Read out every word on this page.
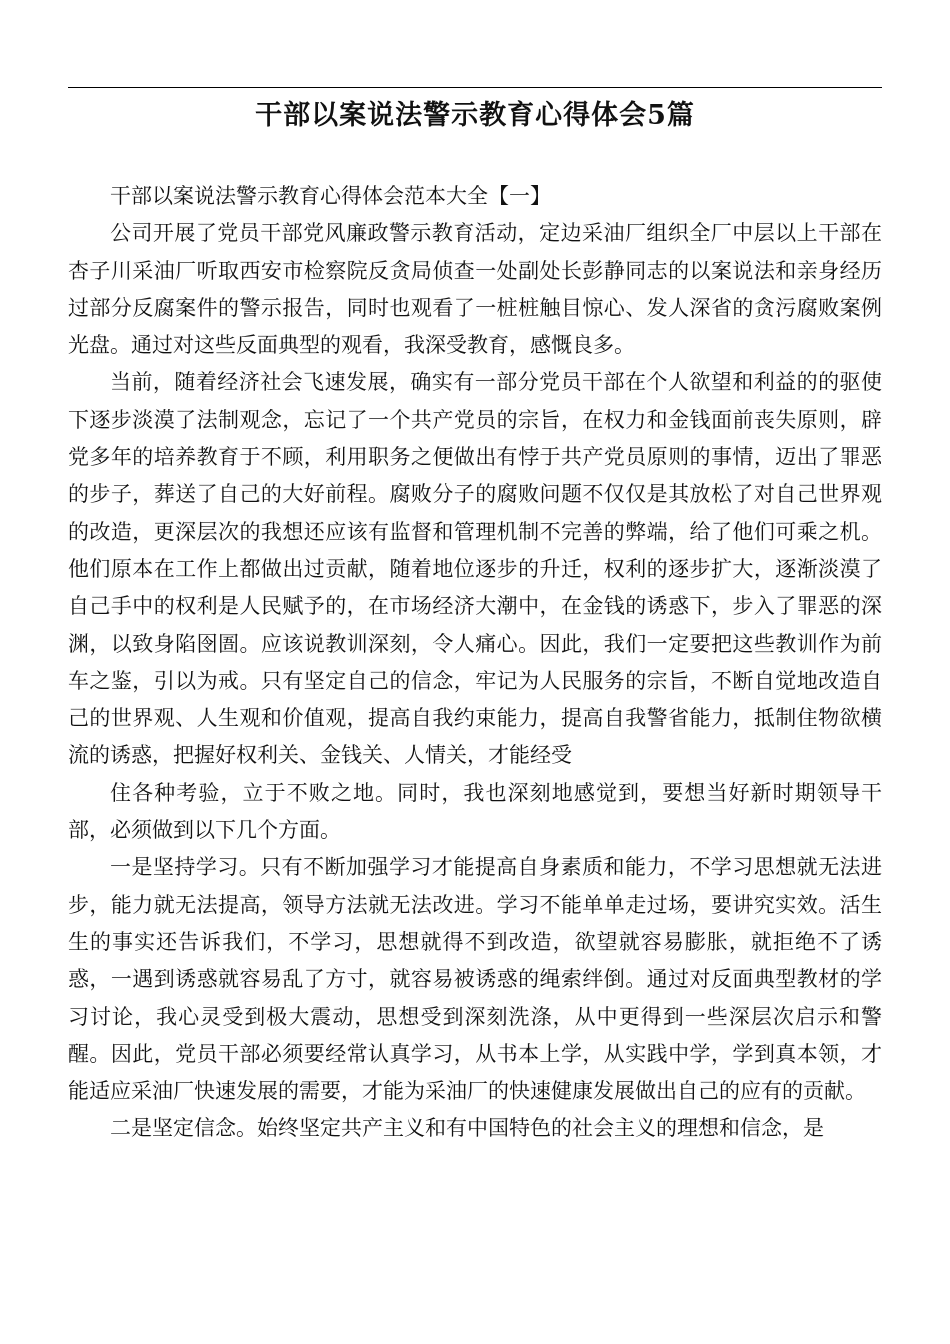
干部以案说法警示教育心得体会5篇

干部以案说法警示教育心得体会范本大全【一】

公司开展了党员干部党风廉政警示教育活动，定边采油厂组织全厂中层以上干部在杏子川采油厂听取西安市检察院反贪局侦查一处副处长彭静同志的以案说法和亲身经历过部分反腐案件的警示报告，同时也观看了一桩桩触目惊心、发人深省的贪污腐败案例光盘。通过对这些反面典型的观看，我深受教育，感慨良多。

当前，随着经济社会飞速发展，确实有一部分党员干部在个人欲望和利益的的驱使下逐步淡漠了法制观念，忘记了一个共产党员的宗旨，在权力和金钱面前丧失原则，辟党多年的培养教育于不顾，利用职务之便做出有悖于共产党员原则的事情，迈出了罪恶的步子，葬送了自己的大好前程。腐败分子的腐败问题不仅仅是其放松了对自己世界观的改造，更深层次的我想还应该有监督和管理机制不完善的弊端，给了他们可乘之机。他们原本在工作上都做出过贡献，随着地位逐步的升迁，权利的逐步扩大，逐渐淡漠了自己手中的权利是人民赋予的，在市场经济大潮中，在金钱的诱惑下，步入了罪恶的深渊，以致身陷囹圄。应该说教训深刻，令人痛心。因此，我们一定要把这些教训作为前车之鉴，引以为戒。只有坚定自己的信念，牢记为人民服务的宗旨，不断自觉地改造自己的世界观、人生观和价值观，提高自我约束能力，提高自我警省能力，抵制住物欲横流的诱惑，把握好权利关、金钱关、人情关，才能经受

住各种考验，立于不败之地。同时，我也深刻地感觉到，要想当好新时期领导干部，必须做到以下几个方面。

一是坚持学习。只有不断加强学习才能提高自身素质和能力，不学习思想就无法进步，能力就无法提高，领导方法就无法改进。学习不能单单走过场，要讲究实效。活生生的事实还告诉我们，不学习，思想就得不到改造，欲望就容易膨胀，就拒绝不了诱惑，一遇到诱惑就容易乱了方寸，就容易被诱惑的绳索绊倒。通过对反面典型教材的学习讨论，我心灵受到极大震动，思想受到深刻洗涤，从中更得到一些深层次启示和警醒。因此，党员干部必须要经常认真学习，从书本上学，从实践中学，学到真本领，才能适应采油厂快速发展的需要，才能为采油厂的快速健康发展做出自己的应有的贡献。

二是坚定信念。始终坚定共产主义和有中国特色的社会主义的理想和信念，是
